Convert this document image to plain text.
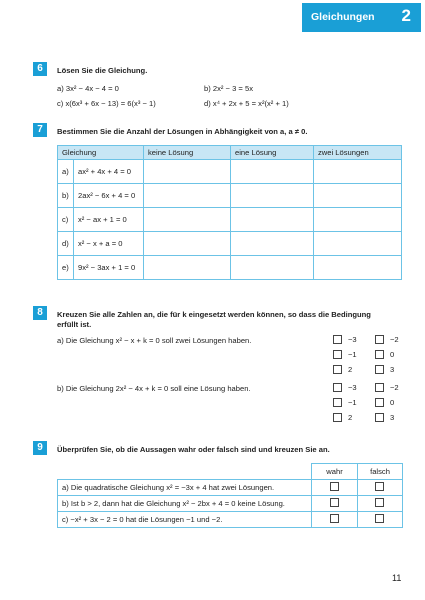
Gleichungen 2
6	Lösen Sie die Gleichung.
a) 3x² − 4x − 4 = 0	b) 2x² − 3 = 5x
c) x(6x³ + 6x − 13) = 6(x³ − 1)	d) x⁴ + 2x + 5 = x²(x² + 1)
7	Bestimmen Sie die Anzahl der Lösungen in Abhängigkeit von a, a ≠ 0.
Gleichung	keine Lösung	eine Lösung	zwei Lösungen
a)	ax² + 4x + 4 = 0
b)	2ax² − 6x + 4 = 0
c)	x² − ax + 1 = 0
d)	x² − x + a = 0
e)	9x² − 3ax + 1 = 0
8	Kreuzen Sie alle Zahlen an, die für k eingesetzt werden können, so dass die Bedingung
erfüllt ist.
a) Die Gleichung x² − x + k = 0 soll zwei Lösungen haben.
b) Die Gleichung 2x² − 4x + k = 0 soll eine Lösung haben.
−3	−2
−1	0
2	3
−3	−2
−1	0
2	3
9	Überprüfen Sie, ob die Aussagen wahr oder falsch sind und kreuzen Sie an.
wahr	falsch
a) Die quadratische Gleichung x² = −3x + 4 hat zwei Lösungen.
b) Ist b > 2, dann hat die Gleichung x² − 2bx + 4 = 0 keine Lösung.
c) −x² + 3x − 2 = 0 hat die Lösungen −1 und −2.
11
